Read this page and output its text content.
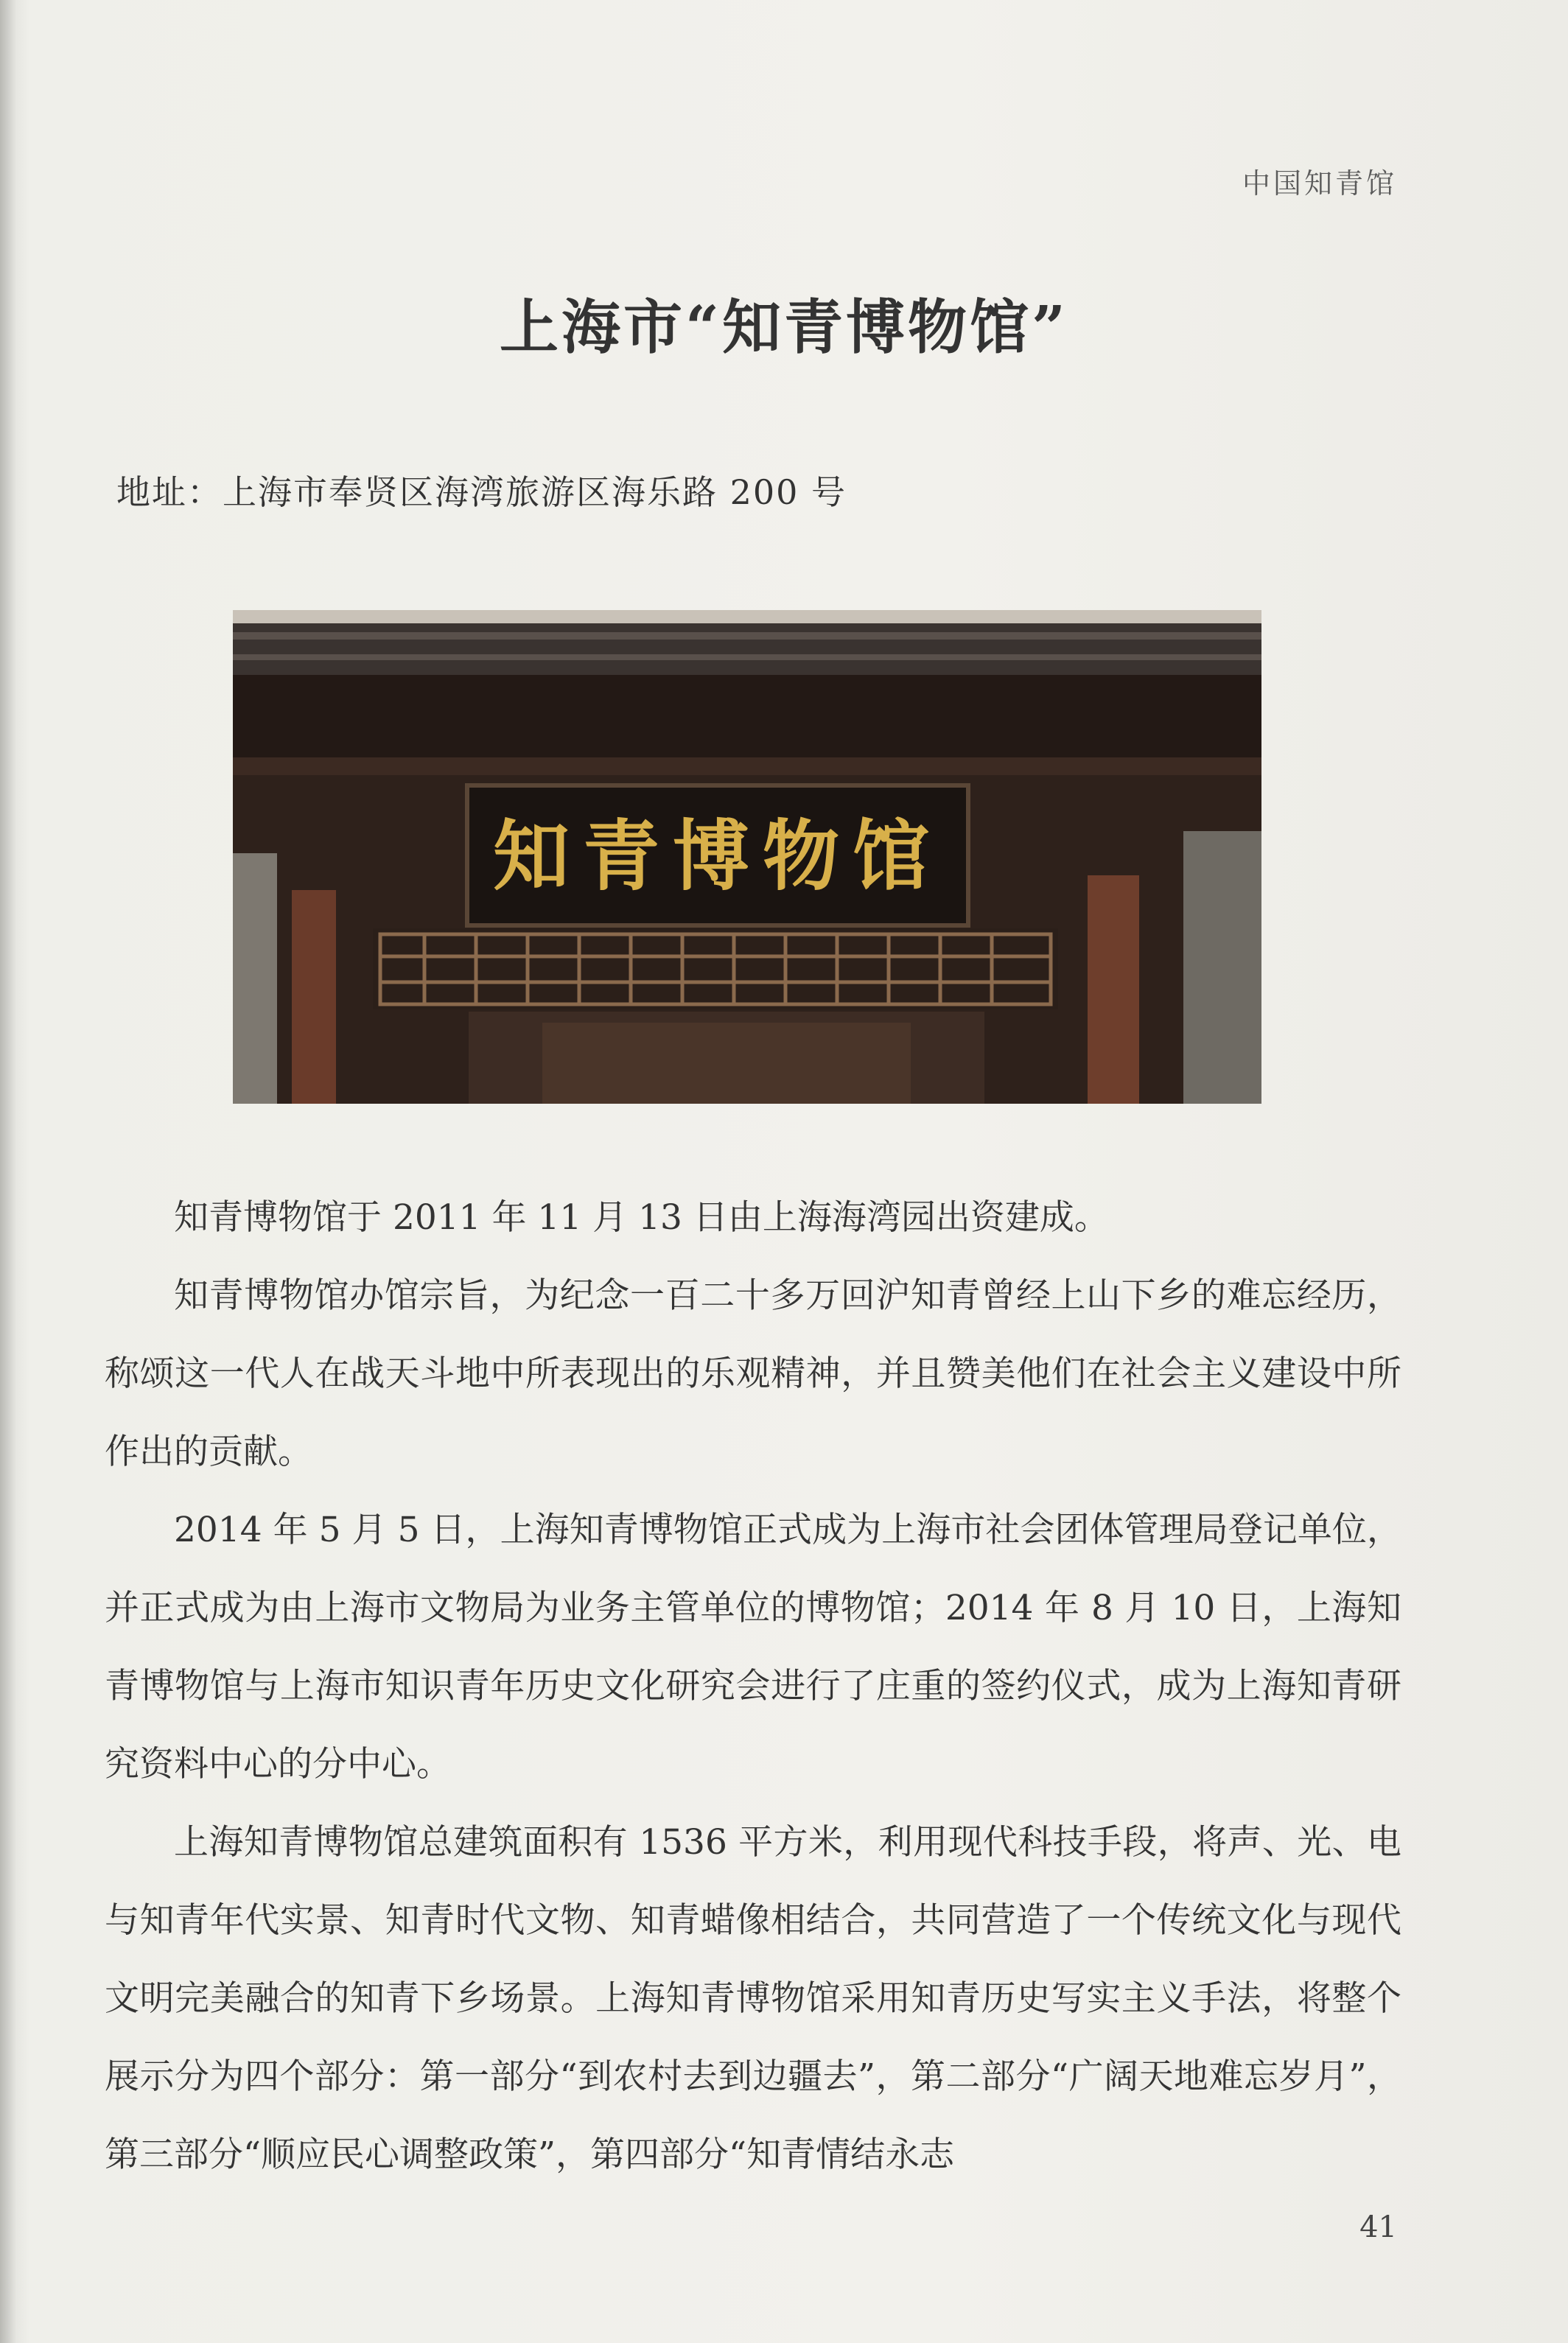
中国知青馆
上海市“知青博物馆”
地址：上海市奉贤区海湾旅游区海乐路 200 号
知青博物馆

知青博物馆于 2011 年 11 月 13 日由上海海湾园出资建成。

知青博物馆办馆宗旨，为纪念一百二十多万回沪知青曾经上山下乡的难忘经历，称颂这一代人在战天斗地中所表现出的乐观精神，并且赞美他们在社会主义建设中所作出的贡献。

2014 年 5 月 5 日，上海知青博物馆正式成为上海市社会团体管理局登记单位，并正式成为由上海市文物局为业务主管单位的博物馆；2014 年 8 月 10 日，上海知青博物馆与上海市知识青年历史文化研究会进行了庄重的签约仪式，成为上海知青研究资料中心的分中心。

上海知青博物馆总建筑面积有 1536 平方米，利用现代科技手段，将声、光、电与知青年代实景、知青时代文物、知青蜡像相结合，共同营造了一个传统文化与现代文明完美融合的知青下乡场景。上海知青博物馆采用知青历史写实主义手法，将整个展示分为四个部分：第一部分“到农村去到边疆去”，第二部分“广阔天地难忘岁月”，第三部分“顺应民心调整政策”，第四部分“知青情结永志

41
